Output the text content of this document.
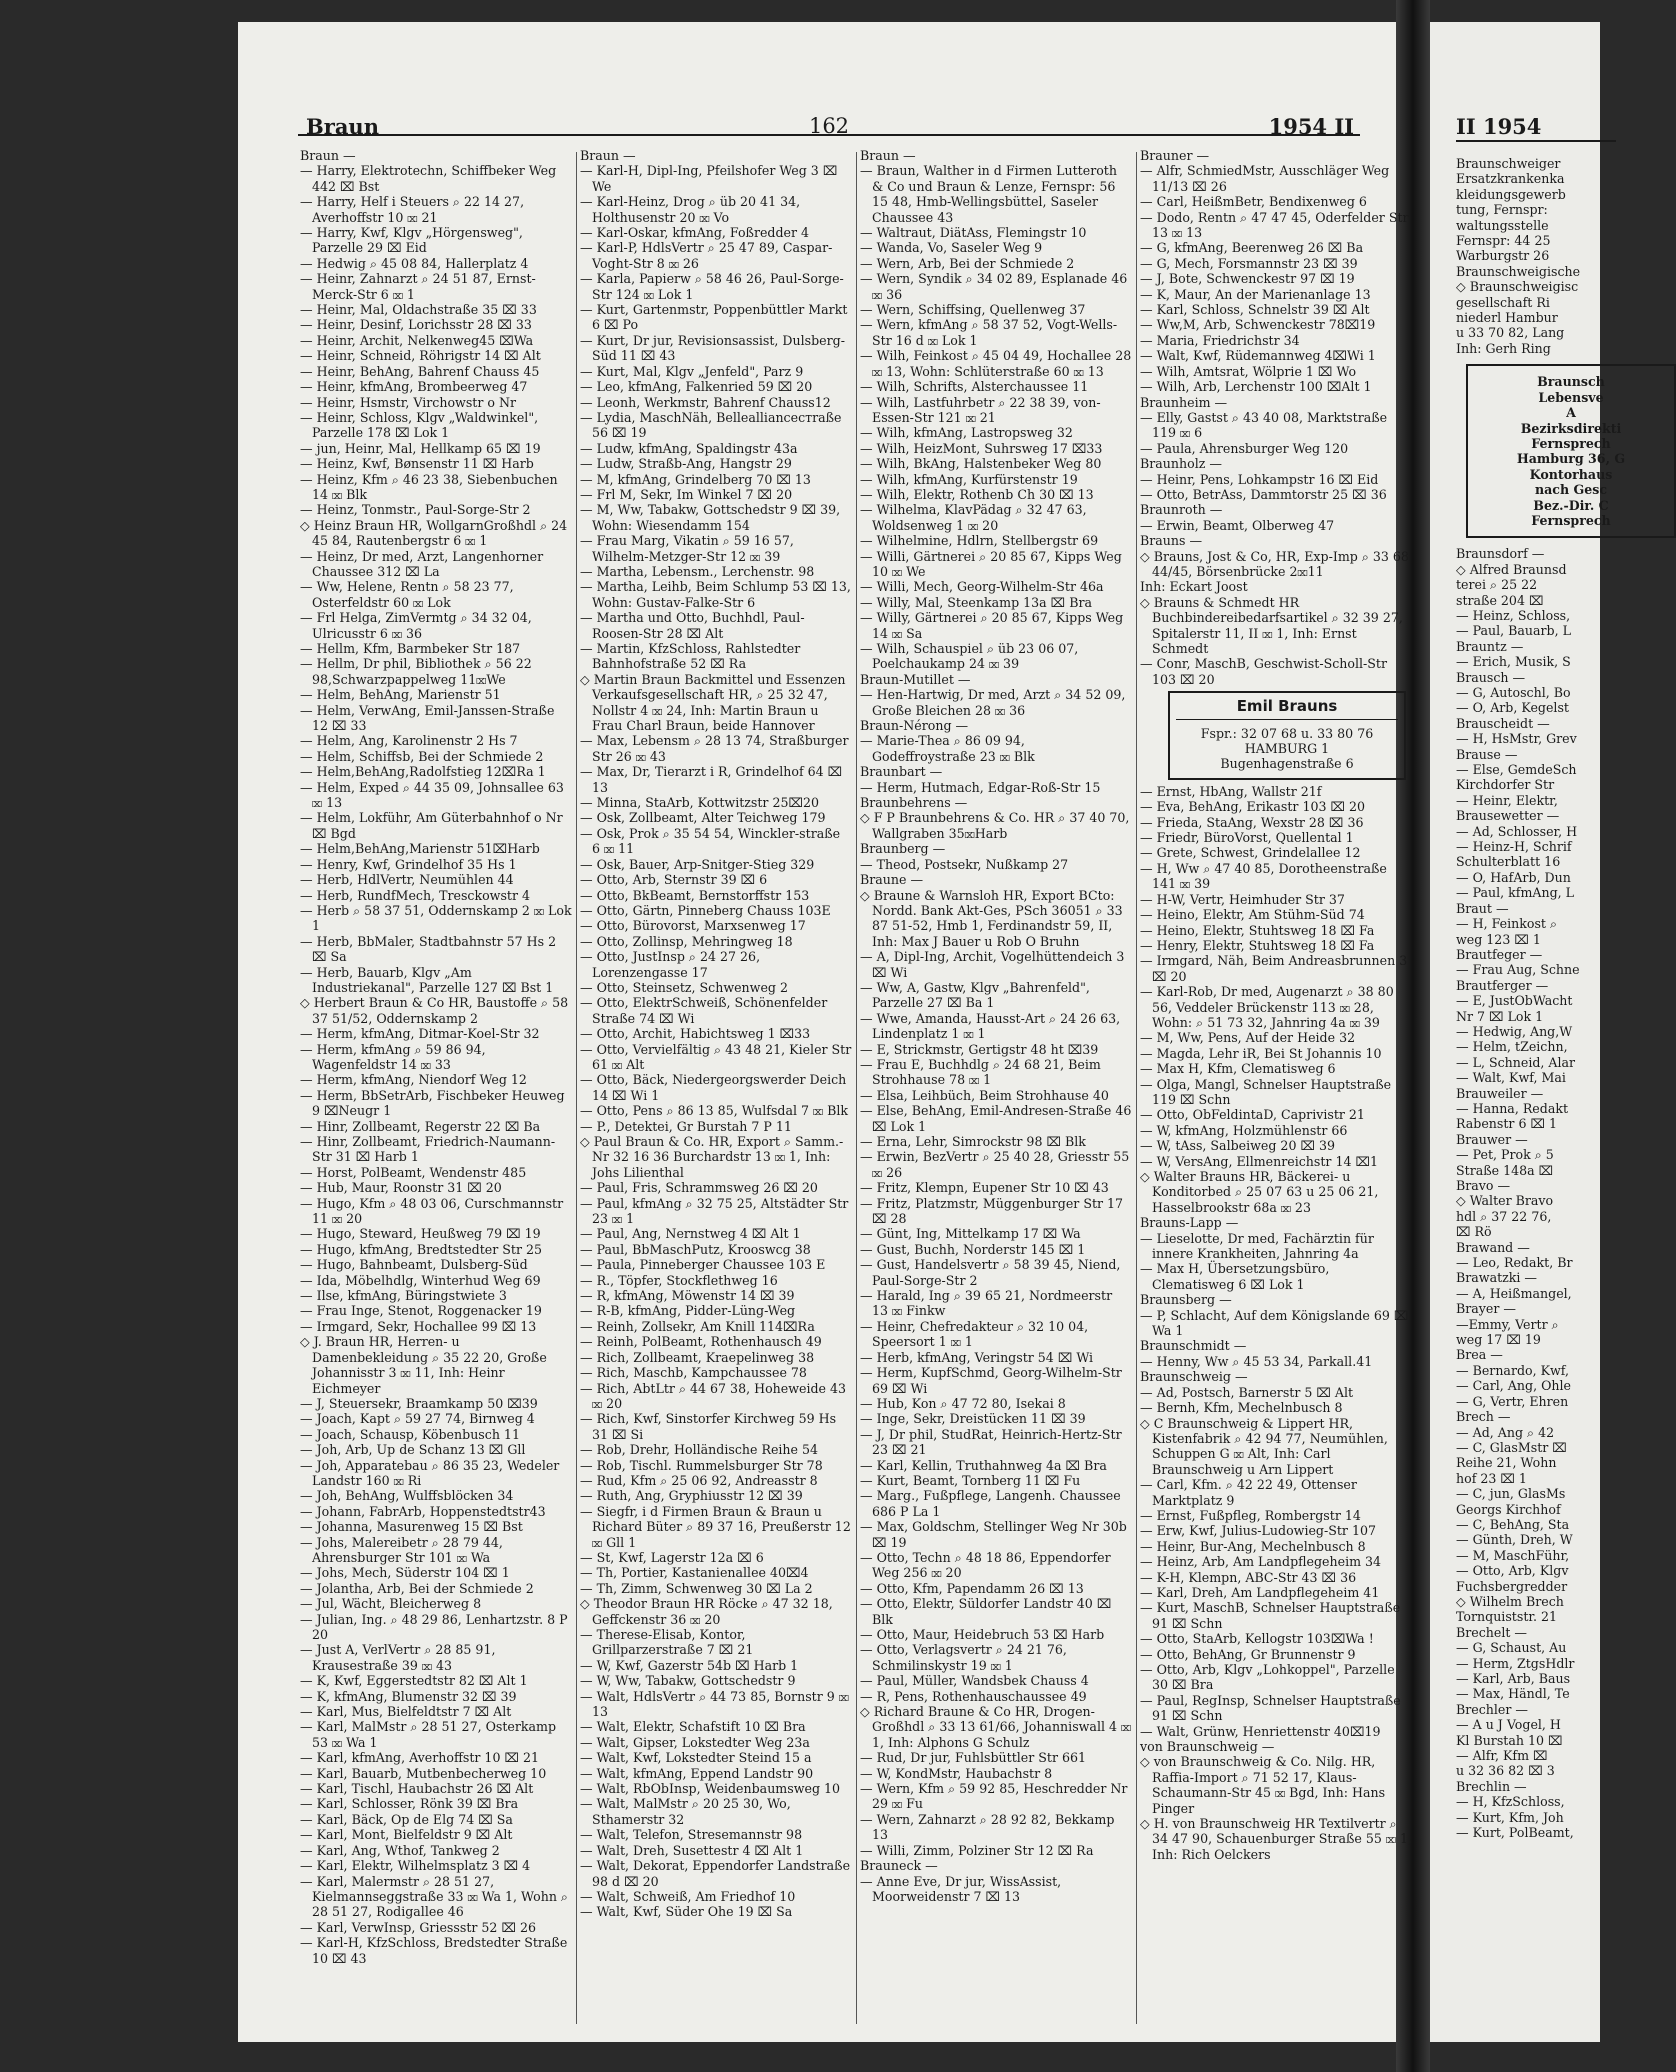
Braun	162	1954 II

Braun —

— Harry, Elektrotechn, Schiffbeker Weg 442 ⌧ Bst

— Harry, Helf i Steuers ⌕ 22 14 27, Averhoffstr 10 ⌧ 21

— Harry, Kwf, Klgv „Hörgensweg", Parzelle 29 ⌧ Eid

— Hedwig ⌕ 45 08 84, Hallerplatz 4

— Heinr, Zahnarzt ⌕ 24 51 87, Ernst-Merck-Str 6 ⌧ 1

— Heinr, Mal, Oldachstraße 35 ⌧ 33

— Heinr, Desinf, Lorichsstr 28 ⌧ 33

— Heinr, Archit, Nelkenweg45 ⌧Wa

— Heinr, Schneid, Röhrigstr 14 ⌧ Alt

— Heinr, BehAng, Bahrenf Chauss 45

— Heinr, kfmAng, Brombeerweg 47

— Heinr, Hsmstr, Virchowstr o Nr

— Heinr, Schloss, Klgv „Waldwinkel", Parzelle 178 ⌧ Lok 1

— jun, Heinr, Mal, Hellkamp 65 ⌧ 19

— Heinz, Kwf, Bønsenstr 11 ⌧ Harb

— Heinz, Kfm ⌕ 46 23 38, Siebenbuchen 14 ⌧ Blk

— Heinz, Tonmstr., Paul-Sorge-Str 2

◇ Heinz Braun HR, WollgarnGroßhdl ⌕ 24 45 84, Rautenbergstr 6 ⌧ 1

— Heinz, Dr med, Arzt, Langenhorner Chaussee 312 ⌧ La

— Ww, Helene, Rentn ⌕ 58 23 77, Osterfeldstr 60 ⌧ Lok

— Frl Helga, ZimVermtg ⌕ 34 32 04, Ulricusstr 6 ⌧ 36

— Hellm, Kfm, Barmbeker Str 187

— Hellm, Dr phil, Bibliothek ⌕ 56 22 98,Schwarzpappelweg 11⌧We

— Helm, BehAng, Marienstr 51

— Helm, VerwAng, Emil-Janssen-Straße 12 ⌧ 33

— Helm, Ang, Karolinenstr 2 Hs 7

— Helm, Schiffsb, Bei der Schmiede 2

— Helm,BehAng,Radolfstieg 12⌧Ra 1

— Helm, Exped ⌕ 44 35 09, Johnsallee 63 ⌧ 13

— Helm, Lokführ, Am Güterbahnhof o Nr ⌧ Bgd

— Helm,BehAng,Marienstr 51⌧Harb

— Henry, Kwf, Grindelhof 35 Hs 1

— Herb, HdlVertr, Neumühlen 44

— Herb, RundfMech, Tresckowstr 4

— Herb ⌕ 58 37 51, Oddernskamp 2 ⌧ Lok 1

— Herb, BbMaler, Stadtbahnstr 57 Hs 2 ⌧ Sa

— Herb, Bauarb, Klgv „Am Industriekanal", Parzelle 127 ⌧ Bst 1

◇ Herbert Braun & Co HR, Baustoffe ⌕ 58 37 51/52, Oddernskamp 2

— Herm, kfmAng, Ditmar-Koel-Str 32

— Herm, kfmAng ⌕ 59 86 94, Wagenfeldstr 14 ⌧ 33

— Herm, kfmAng, Niendorf Weg 12

— Herm, BbSetrArb, Fischbeker Heuweg 9 ⌧Neugr 1

— Hinr, Zollbeamt, Regerstr 22 ⌧ Ba

— Hinr, Zollbeamt, Friedrich-Naumann-Str 31 ⌧ Harb 1

— Horst, PolBeamt, Wendenstr 485

— Hub, Maur, Roonstr 31 ⌧ 20

— Hugo, Kfm ⌕ 48 03 06, Curschmannstr 11 ⌧ 20

— Hugo, Steward, Heußweg 79 ⌧ 19

— Hugo, kfmAng, Bredtstedter Str 25

— Hugo, Bahnbeamt, Dulsberg-Süd

— Ida, Möbelhdlg, Winterhud Weg 69

— Ilse, kfmAng, Büringstwiete 3

— Frau Inge, Stenot, Roggenacker 19

— Irmgard, Sekr, Hochallee 99 ⌧ 13

◇ J. Braun HR, Herren- u Damenbekleidung ⌕ 35 22 20, Große Johannisstr 3 ⌧ 11, Inh: Heinr Eichmeyer

— J, Steuersekr, Braamkamp 50 ⌧39

— Joach, Kapt ⌕ 59 27 74, Birnweg 4

— Joach, Schausp, Köbenbusch 11

— Joh, Arb, Up de Schanz 13 ⌧ Gll

— Joh, Apparatebau ⌕ 86 35 23, Wedeler Landstr 160 ⌧ Ri

— Joh, BehAng, Wulffsblöcken 34

— Johann, FabrArb, Hoppenstedtstr43

— Johanna, Masurenweg 15 ⌧ Bst

— Johs, Malereibetr ⌕ 28 79 44, Ahrensburger Str 101 ⌧ Wa

— Johs, Mech, Süderstr 104 ⌧ 1

— Jolantha, Arb, Bei der Schmiede 2

— Jul, Wächt, Bleicherweg 8

— Julian, Ing. ⌕ 48 29 86, Lenhartzstr. 8 P 20

— Just A, VerlVertr ⌕ 28 85 91, Krausestraße 39 ⌧ 43

— K, Kwf, Eggerstedtstr 82 ⌧ Alt 1

— K, kfmAng, Blumenstr 32 ⌧ 39

— Karl, Mus, Bielfeldtstr 7 ⌧ Alt

— Karl, MalMstr ⌕ 28 51 27, Osterkamp 53 ⌧ Wa 1

— Karl, kfmAng, Averhoffstr 10 ⌧ 21

— Karl, Bauarb, Mutbenbecherweg 10

— Karl, Tischl, Haubachstr 26 ⌧ Alt

— Karl, Schlosser, Rönk 39 ⌧ Bra

— Karl, Bäck, Op de Elg 74 ⌧ Sa

— Karl, Mont, Bielfeldstr 9 ⌧ Alt

— Karl, Ang, Wthof, Tankweg 2

— Karl, Elektr, Wilhelmsplatz 3 ⌧ 4

— Karl, Malermstr ⌕ 28 51 27, Kielmannseggstraße 33 ⌧ Wa 1, Wohn ⌕ 28 51 27, Rodigallee 46

— Karl, VerwInsp, Griessstr 52 ⌧ 26

— Karl-H, KfzSchloss, Bredstedter Straße 10 ⌧ 43

Braun —

— Karl-H, Dipl-Ing, Pfeilshofer Weg 3 ⌧ We

— Karl-Heinz, Drog ⌕ üb 20 41 34, Holthusenstr 20 ⌧ Vo

— Karl-Oskar, kfmAng, Foßredder 4

— Karl-P, HdlsVertr ⌕ 25 47 89, Caspar-Voght-Str 8 ⌧ 26

— Karla, Papierw ⌕ 58 46 26, Paul-Sorge-Str 124 ⌧ Lok 1

— Kurt, Gartenmstr, Poppenbüttler Markt 6 ⌧ Po

— Kurt, Dr jur, Revisionsassist, Dulsberg-Süd 11 ⌧ 43

— Kurt, Mal, Klgv „Jenfeld", Parz 9

— Leo, kfmAng, Falkenried 59 ⌧ 20

— Leonh, Werkmstr, Bahrenf Chauss12

— Lydia, MaschNäh, Belleallianceстraße 56 ⌧ 19

— Ludw, kfmAng, Spaldingstr 43a

— Ludw, Straßb-Ang, Hangstr 29

— M, kfmAng, Grindelberg 70 ⌧ 13

— Frl M, Sekr, Im Winkel 7 ⌧ 20

— M, Ww, Tabakw, Gottschedstr 9 ⌧ 39, Wohn: Wiesendamm 154

— Frau Marg, Vikatin ⌕ 59 16 57, Wilhelm-Metzger-Str 12 ⌧ 39

— Martha, Lebensm., Lerchenstr. 98

— Martha, Leihb, Beim Schlump 53 ⌧ 13, Wohn: Gustav-Falke-Str 6

— Martha und Otto, Buchhdl, Paul-Roosen-Str 28 ⌧ Alt

— Martin, KfzSchloss, Rahlstedter Bahnhofstraße 52 ⌧ Ra

◇ Martin Braun Backmittel und Essenzen Verkaufsgesellschaft HR, ⌕ 25 32 47, Nollstr 4 ⌧ 24, Inh: Martin Braun u Frau Charl Braun, beide Hannover

— Max, Lebensm ⌕ 28 13 74, Straßburger Str 26 ⌧ 43

— Max, Dr, Tierarzt i R, Grindelhof 64 ⌧ 13

— Minna, StaArb, Kottwitzstr 25⌧20

— Osk, Zollbeamt, Alter Teichweg 179

— Osk, Prok ⌕ 35 54 54, Winckler-straße 6 ⌧ 11

— Osk, Bauer, Arp-Snitger-Stieg 329

— Otto, Arb, Sternstr 39 ⌧ 6

— Otto, BkBeamt, Bernstorffstr 153

— Otto, Gärtn, Pinneberg Chauss 103E

— Otto, Bürovorst, Marxsenweg 17

— Otto, Zollinsp, Mehringweg 18

— Otto, JustInsp ⌕ 24 27 26, Lorenzengasse 17

— Otto, Steinsetz, Schwenweg 2

— Otto, ElektrSchweiß, Schönenfelder Straße 74 ⌧ Wi

— Otto, Archit, Habichtsweg 1 ⌧33

— Otto, Vervielfältig ⌕ 43 48 21, Kieler Str 61 ⌧ Alt

— Otto, Bäck, Niedergeorgswerder Deich 14 ⌧ Wi 1

— Otto, Pens ⌕ 86 13 85, Wulfsdal 7 ⌧ Blk

— P., Detektei, Gr Burstah 7 P 11

◇ Paul Braun & Co. HR, Export ⌕ Samm.-Nr 32 16 36 Burchardstr 13 ⌧ 1, Inh: Johs Lilienthal

— Paul, Fris, Schrammsweg 26 ⌧ 20

— Paul, kfmAng ⌕ 32 75 25, Altstädter Str 23 ⌧ 1

— Paul, Ang, Nernstweg 4 ⌧ Alt 1

— Paul, BbMaschPutz, Krooswcg 38

— Paula, Pinneberger Chaussee 103 E

— R., Töpfer, Stockflethweg 16

— R, kfmAng, Möwenstr 14 ⌧ 39

— R-B, kfmAng, Pidder-Lüng-Weg

— Reinh, Zollsekr, Am Knill 114⌧Ra

— Reinh, PolBeamt, Rothenhausch 49

— Rich, Zollbeamt, Kraepelinweg 38

— Rich, Maschb, Kampchaussee 78

— Rich, AbtLtr ⌕ 44 67 38, Hoheweide 43 ⌧ 20

— Rich, Kwf, Sinstorfer Kirchweg 59 Hs 31 ⌧ Si

— Rob, Drehr, Holländische Reihe 54

— Rob, Tischl. Rummelsburger Str 78

— Rud, Kfm ⌕ 25 06 92, Andreasstr 8

— Ruth, Ang, Gryphiusstr 12 ⌧ 39

— Siegfr, i d Firmen Braun & Braun u Richard Büter ⌕ 89 37 16, Preußerstr 12 ⌧ Gll 1

— St, Kwf, Lagerstr 12a ⌧ 6

— Th, Portier, Kastanienallee 40⌧4

— Th, Zimm, Schwenweg 30 ⌧ La 2

◇ Theodor Braun HR Röcke ⌕ 47 32 18, Geffckenstr 36 ⌧ 20

— Therese-Elisab, Kontor, Grillparzerstraße 7 ⌧ 21

— W, Kwf, Gazerstr 54b ⌧ Harb 1

— W, Ww, Tabakw, Gottschedstr 9

— Walt, HdlsVertr ⌕ 44 73 85, Bornstr 9 ⌧ 13

— Walt, Elektr, Schafstift 10 ⌧ Bra

— Walt, Gipser, Lokstedter Weg 23a

— Walt, Kwf, Lokstedter Steind 15 a

— Walt, kfmAng, Eppend Landstr 90

— Walt, RbObInsp, Weidenbaumsweg 10

— Walt, MalMstr ⌕ 20 25 30, Wo, Sthamerstr 32

— Walt, Telefon, Stresemannstr 98

— Walt, Dreh, Susettestr 4 ⌧ Alt 1

— Walt, Dekorat, Eppendorfer Landstraße 98 d ⌧ 20

— Walt, Schweiß, Am Friedhof 10

— Walt, Kwf, Süder Ohe 19 ⌧ Sa

Braun —

— Braun, Walther in d Firmen Lutteroth & Co und Braun & Lenze, Fernspr: 56 15 48, Hmb-Wellingsbüttel, Saseler Chaussee 43

— Waltraut, DiätAss, Flemingstr 10

— Wanda, Vo, Saseler Weg 9

— Wern, Arb, Bei der Schmiede 2

— Wern, Syndik ⌕ 34 02 89, Esplanade 46 ⌧ 36

— Wern, Schiffsing, Quellenweg 37

— Wern, kfmAng ⌕ 58 37 52, Vogt-Wells-Str 16 d ⌧ Lok 1

— Wilh, Feinkost ⌕ 45 04 49, Hochallee 28 ⌧ 13, Wohn: Schlüterstraße 60 ⌧ 13

— Wilh, Schrifts, Alsterchaussee 11

— Wilh, Lastfuhrbetr ⌕ 22 38 39, von-Essen-Str 121 ⌧ 21

— Wilh, kfmAng, Lastropsweg 32

— Wilh, HeizMont, Suhrsweg 17 ⌧33

— Wilh, BkAng, Halstenbeker Weg 80

— Wilh, kfmAng, Kurfürstenstr 19

— Wilh, Elektr, Rothenb Ch 30 ⌧ 13

— Wilhelma, KlavPädag ⌕ 32 47 63, Woldsenweg 1 ⌧ 20

— Wilhelmine, Hdlrn, Stellbergstr 69

— Willi, Gärtnerei ⌕ 20 85 67, Kipps Weg 10 ⌧ We

— Willi, Mech, Georg-Wilhelm-Str 46a

— Willy, Mal, Steenkamp 13a ⌧ Bra

— Willy, Gärtnerei ⌕ 20 85 67, Kipps Weg 14 ⌧ Sa

— Wilh, Schauspiel ⌕ üb 23 06 07, Poelchaukamp 24 ⌧ 39

Braun-Mutillet —

— Hen-Hartwig, Dr med, Arzt ⌕ 34 52 09, Große Bleichen 28 ⌧ 36

Braun-Nérong —

— Marie-Thea ⌕ 86 09 94, Godeffroystraße 23 ⌧ Blk

Braunbart —

— Herm, Hutmach, Edgar-Roß-Str 15

Braunbehrens —

◇ F P Braunbehrens & Co. HR ⌕ 37 40 70, Wallgraben 35⌧Harb

Braunberg —

— Theod, Postsekr, Nußkamp 27

Braune —

◇ Braune & Warnsloh HR, Export BCto: Nordd. Bank Akt-Ges, PSch 36051 ⌕ 33 87 51-52, Hmb 1, Ferdinandstr 59, II, Inh: Max J Bauer u Rob O Bruhn

— A, Dipl-Ing, Archit, Vogelhüttendeich 3 ⌧ Wi

— Ww, A, Gastw, Klgv „Bahrenfeld", Parzelle 27 ⌧ Ba 1

— Wwe, Amanda, Hausst-Art ⌕ 24 26 63, Lindenplatz 1 ⌧ 1

— E, Strickmstr, Gertigstr 48 ht ⌧39

— Frau E, Buchhdlg ⌕ 24 68 21, Beim Strohhause 78 ⌧ 1

— Elsa, Leihbüch, Beim Strohhause 40

— Else, BehAng, Emil-Andresen-Straße 46 ⌧ Lok 1

— Erna, Lehr, Simrockstr 98 ⌧ Blk

— Erwin, BezVertr ⌕ 25 40 28, Griesstr 55 ⌧ 26

— Fritz, Klempn, Eupener Str 10 ⌧ 43

— Fritz, Platzmstr, Müggenburger Str 17 ⌧ 28

— Günt, Ing, Mittelkamp 17 ⌧ Wa

— Gust, Buchh, Norderstr 145 ⌧ 1

— Gust, Handelsvertr ⌕ 58 39 45, Niend, Paul-Sorge-Str 2

— Harald, Ing ⌕ 39 65 21, Nordmeerstr 13 ⌧ Finkw

— Heinr, Chefredakteur ⌕ 32 10 04, Speersort 1 ⌧ 1

— Herb, kfmAng, Veringstr 54 ⌧ Wi

— Herm, KupfSchmd, Georg-Wilhelm-Str 69 ⌧ Wi

— Hub, Kon ⌕ 47 72 80, Isekai 8

— Inge, Sekr, Dreistücken 11 ⌧ 39

— J, Dr phil, StudRat, Heinrich-Hertz-Str 23 ⌧ 21

— Karl, Kellin, Truthahnweg 4a ⌧ Bra

— Kurt, Beamt, Tornberg 11 ⌧ Fu

— Marg., Fußpflege, Langenh. Chaussee 686 P La 1

— Max, Goldschm, Stellinger Weg Nr 30b ⌧ 19

— Otto, Techn ⌕ 48 18 86, Eppendorfer Weg 256 ⌧ 20

— Otto, Kfm, Papendamm 26 ⌧ 13

— Otto, Elektr, Süldorfer Landstr 40 ⌧ Blk

— Otto, Maur, Heidebruch 53 ⌧ Harb

— Otto, Verlagsvertr ⌕ 24 21 76, Schmilinskystr 19 ⌧ 1

— Paul, Müller, Wandsbek Chauss 4

— R, Pens, Rothenhauschaussee 49

◇ Richard Braune & Co HR, Drogen-Großhdl ⌕ 33 13 61/66, Johanniswall 4 ⌧ 1, Inh: Alphons G Schulz

— Rud, Dr jur, Fuhlsbüttler Str 661

— W, KondMstr, Haubachstr 8

— Wern, Kfm ⌕ 59 92 85, Heschredder Nr 29 ⌧ Fu

— Wern, Zahnarzt ⌕ 28 92 82, Bekkamp 13

— Willi, Zimm, Polziner Str 12 ⌧ Ra

Brauneck —

— Anne Eve, Dr jur, WissAssist, Moorweidenstr 7 ⌧ 13

Brauner —

— Alfr, SchmiedMstr, Ausschläger Weg 11/13 ⌧ 26

— Carl, HeißmBetr, Bendixenweg 6

— Dodo, Rentn ⌕ 47 47 45, Oderfelder Str 13 ⌧ 13

— G, kfmAng, Beerenweg 26 ⌧ Ba

— G, Mech, Forsmannstr 23 ⌧ 39

— J, Bote, Schwenckestr 97 ⌧ 19

— K, Maur, An der Marienanlage 13

— Karl, Schloss, Schnelstr 39 ⌧ Alt

— Ww,M, Arb, Schwenckestr 78⌧19

— Maria, Friedrichstr 34

— Walt, Kwf, Rüdemannweg 4⌧Wi 1

— Wilh, Amtsrat, Wölprie 1 ⌧ Wo

— Wilh, Arb, Lerchenstr 100 ⌧Alt 1

Braunheim —

— Elly, Gastst ⌕ 43 40 08, Marktstraße 119 ⌧ 6

— Paula, Ahrensburger Weg 120

Braunholz —

— Heinr, Pens, Lohkampstr 16 ⌧ Eid

— Otto, BetrAss, Dammtorstr 25 ⌧ 36

Braunroth —

— Erwin, Beamt, Olberweg 47

Brauns —

◇ Brauns, Jost & Co, HR, Exp-Imp ⌕ 33 68 44/45, Börsenbrücke 2⌧11

Inh: Eckart Joost

◇ Brauns & Schmedt HR Buchbindereibedarfsartikel ⌕ 32 39 27, Spitalerstr 11, II ⌧ 1, Inh: Ernst Schmedt

— Conr, MaschB, Geschwist-Scholl-Str 103 ⌧ 20

Emil Brauns
Fspr.: 32 07 68 u. 33 80 76
HAMBURG 1
Bugenhagenstraße 6

— Ernst, HbAng, Wallstr 21f

— Eva, BehAng, Erikastr 103 ⌧ 20

— Frieda, StaAng, Wexstr 28 ⌧ 36

— Friedr, BüroVorst, Quellental 1

— Grete, Schwest, Grindelallee 12

— H, Ww ⌕ 47 40 85, Dorotheenstraße 141 ⌧ 39

— H-W, Vertr, Heimhuder Str 37

— Heino, Elektr, Am Stühm-Süd 74

— Heino, Elektr, Stuhtsweg 18 ⌧ Fa

— Henry, Elektr, Stuhtsweg 18 ⌧ Fa

— Irmgard, Näh, Beim Andreasbrunnen 3 ⌧ 20

— Karl-Rob, Dr med, Augenarzt ⌕ 38 80 56, Veddeler Brückenstr 113 ⌧ 28, Wohn: ⌕ 51 73 32, Jahnring 4a ⌧ 39

— M, Ww, Pens, Auf der Heide 32

— Magda, Lehr iR, Bei St Johannis 10

— Max H, Kfm, Clematisweg 6

— Olga, Mangl, Schnelser Hauptstraße 119 ⌧ Schn

— Otto, ObFeldintaD, Caprivistr 21

— W, kfmAng, Holzmühlenstr 66

— W, tAss, Salbeiweg 20 ⌧ 39

— W, VersAng, Ellmenreichstr 14 ⌧1

◇ Walter Brauns HR, Bäckerei- u Konditorbed ⌕ 25 07 63 u 25 06 21, Hasselbrookstr 68a ⌧ 23

Brauns-Lapp —

— Lieselotte, Dr med, Fachärztin für innere Krankheiten, Jahnring 4a

— Max H, Übersetzungsbüro, Clematisweg 6 ⌧ Lok 1

Braunsberg —

— P, Schlacht, Auf dem Königslande 69 ⌧ Wa 1

Braunschmidt —

— Henny, Ww ⌕ 45 53 34, Parkall.41

Braunschweig —

— Ad, Postsch, Barnerstr 5 ⌧ Alt

— Bernh, Kfm, Mechelnbusch 8

◇ C Braunschweig & Lippert HR, Kistenfabrik ⌕ 42 94 77, Neumühlen, Schuppen G ⌧ Alt, Inh: Carl Braunschweig u Arn Lippert

— Carl, Kfm. ⌕ 42 22 49, Ottenser Marktplatz 9

— Ernst, Fußpfleg, Rombergstr 14

— Erw, Kwf, Julius-Ludowieg-Str 107

— Heinr, Bur-Ang, Mechelnbusch 8

— Heinz, Arb, Am Landpflegeheim 34

— K-H, Klempn, ABC-Str 43 ⌧ 36

— Karl, Dreh, Am Landpflegeheim 41

— Kurt, MaschB, Schnelser Hauptstraße 91 ⌧ Schn

— Otto, StaArb, Kellogstr 103⌧Wa !

— Otto, BehAng, Gr Brunnenstr 9

— Otto, Arb, Klgv „Lohkoppel", Parzelle 30 ⌧ Bra

— Paul, RegInsp, Schnelser Hauptstraße 91 ⌧ Schn

— Walt, Grünw, Henriettenstr 40⌧19

von Braunschweig —

◇ von Braunschweig & Co. Nilg. HR, Raffia-Import ⌕ 71 52 17, Klaus-Schaumann-Str 45 ⌧ Bgd, Inh: Hans Pinger

◇ H. von Braunschweig HR Textilvertr ⌕ 34 47 90, Schauenburger Straße 55 ⌧ 1, Inh: Rich Oelckers

II 1954

Braunschweiger

Ersatzkrankenka

kleidungsgewerb

tung, Fernspr:

waltungsstelle

Fernspr: 44 25

Warburgstr 26

Braunschweigische

◇ Braunschweigisc

gesellschaft Ri

niederl Hambur

u 33 70 82, Lang

Inh: Gerh Ring

Braunsch
Lebensve
A
Bezirksdirekti
Fernsprech
Hamburg 36, G
Kontorhaus
nach Gesc
Bez.-Dir. C
Fernsprech

Braunsdorf —

◇ Alfred Braunsd

terei ⌕ 25 22

straße 204 ⌧

— Heinz, Schloss,

— Paul, Bauarb, L

Brauntz —

— Erich, Musik, S

Brausch —

— G, Autoschl, Bo

— O, Arb, Kegelst

Brauscheidt —

— H, HsMstr, Grev

Brause —

— Else, GemdeSch

Kirchdorfer Str

— Heinr, Elektr,

Brausewetter —

— Ad, Schlosser, H

— Heinz-H, Schrif

Schulterblatt 16

— O, HafArb, Dun

— Paul, kfmAng, L

Braut —

— H, Feinkost ⌕

weg 123 ⌧ 1

Brautfeger —

— Frau Aug, Schne

Brautferger —

— E, JustObWacht

Nr 7 ⌧ Lok 1

— Hedwig, Ang,W

— Helm, tZeichn,

— L, Schneid, Alar

— Walt, Kwf, Mai

Brauweiler —

— Hanna, Redakt

Rabenstr 6 ⌧ 1

Brauwer —

— Pet, Prok ⌕ 5

Straße 148a ⌧

Bravo —

◇ Walter Bravo

hdl ⌕ 37 22 76,

⌧ Rö

Brawand —

— Leo, Redakt, Br

Brawatzki —

— A, Heißmangel,

Brayer —

—Emmy, Vertr ⌕

weg 17 ⌧ 19

Brea —

— Bernardo, Kwf,

— Carl, Ang, Ohle

— G, Vertr, Ehren

Brech —

— Ad, Ang ⌕ 42

— C, GlasMstr ⌧

Reihe 21, Wohn

hof 23 ⌧ 1

— C, jun, GlasMs

Georgs Kirchhof

— C, BehAng, Sta

— Günth, Dreh, W

— M, MaschFühr,

— Otto, Arb, Klgv

Fuchsbergredder

◇ Wilhelm Brech

Tornquiststr. 21

Brechelt —

— G, Schaust, Au

— Herm, ZtgsHdlr

— Karl, Arb, Baus

— Max, Händl, Te

Brechler —

— A u J Vogel, H

Kl Burstah 10 ⌧

— Alfr, Kfm ⌧

u 32 36 82 ⌧ 3

Brechlin —

— H, KfzSchloss,

— Kurt, Kfm, Joh

— Kurt, PolBeamt,
